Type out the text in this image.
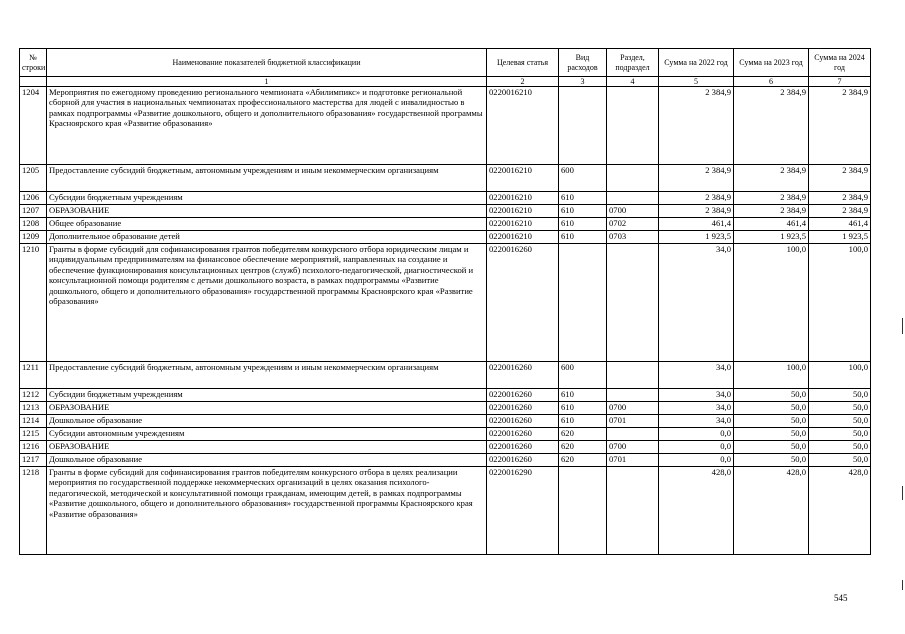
№ строки	Наименование показателей бюджетной классификации	Целевая статья	Вид расходов	Раздел, подраздел	Сумма на 2022 год	Сумма на 2023 год	Сумма на 2024 год
	1	2	3	4	5	6	7
1204	Мероприятия по ежегодному проведению регионального чемпионата «Абилимпикс» и подготовке региональной сборной для участия в национальных чемпионатах профессионального мастерства для людей с инвалидностью в рамках подпрограммы «Развитие дошкольного, общего и дополнительного образования» государственной программы Красноярского края «Развитие образования»	0220016210			2 384,9	2 384,9	2 384,9
1205	Предоставление субсидий бюджетным, автономным учреждениям и иным некоммерческим организациям	0220016210	600		2 384,9	2 384,9	2 384,9
1206	Субсидии бюджетным учреждениям	0220016210	610		2 384,9	2 384,9	2 384,9
1207	ОБРАЗОВАНИЕ	0220016210	610	0700	2 384,9	2 384,9	2 384,9
1208	Общее образование	0220016210	610	0702	461,4	461,4	461,4
1209	Дополнительное образование детей	0220016210	610	0703	1 923,5	1 923,5	1 923,5
1210	Гранты в форме субсидий для софинансирования грантов победителям конкурсного отбора юридическим лицам и индивидуальным предпринимателям на финансовое обеспечение мероприятий, направленных на создание и обеспечение функционирования консультационных центров (служб) психолого-педагогической, диагностической и консультационной помощи родителям с детьми дошкольного возраста, в рамках подпрограммы «Развитие дошкольного, общего и дополнительного образования» государственной программы Красноярского края «Развитие образования»	0220016260			34,0	100,0	100,0
1211	Предоставление субсидий бюджетным, автономным учреждениям и иным некоммерческим организациям	0220016260	600		34,0	100,0	100,0
1212	Субсидии бюджетным учреждениям	0220016260	610		34,0	50,0	50,0
1213	ОБРАЗОВАНИЕ	0220016260	610	0700	34,0	50,0	50,0
1214	Дошкольное образование	0220016260	610	0701	34,0	50,0	50,0
1215	Субсидии автономным учреждениям	0220016260	620		0,0	50,0	50,0
1216	ОБРАЗОВАНИЕ	0220016260	620	0700	0,0	50,0	50,0
1217	Дошкольное образование	0220016260	620	0701	0,0	50,0	50,0
1218	Гранты в форме субсидий для софинансирования грантов победителям конкурсного отбора в целях реализации мероприятия по государственной поддержке некоммерческих организаций в целях оказания психолого-педагогической, методической и консультативной помощи гражданам, имеющим детей, в рамках подпрограммы «Развитие дошкольного, общего и дополнительного образования» государственной программы Красноярского края «Развитие образования»	0220016290			428,0	428,0	428,0
545
